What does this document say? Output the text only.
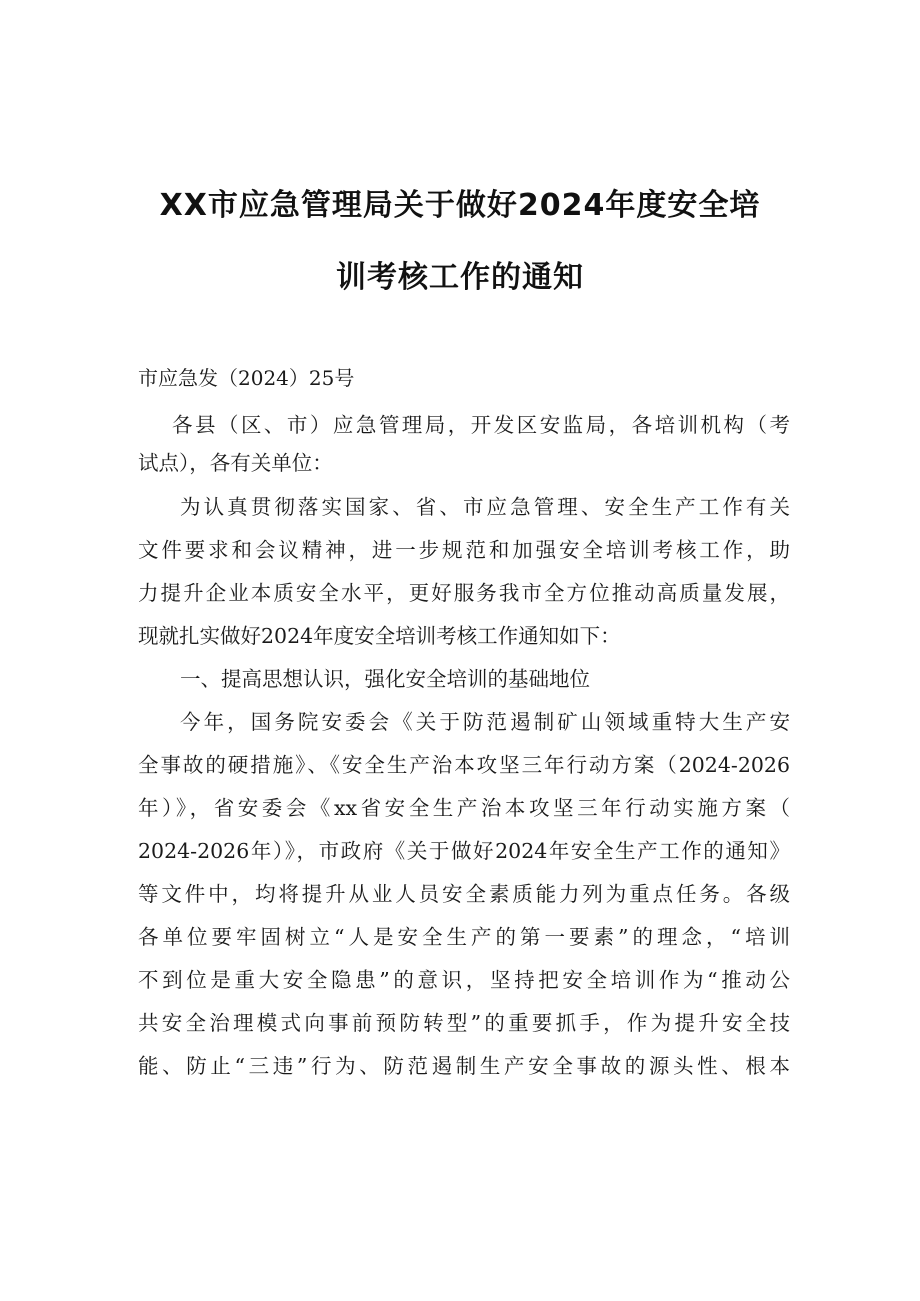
XX市应急管理局关于做好2024年度安全培
训考核工作的通知
市应急发（2024）25号
各县（区、市）应急管理局，开发区安监局，各培训机构（考
试点），各有关单位：
为认真贯彻落实国家、省、市应急管理、安全生产工作有关
文件要求和会议精神，进一步规范和加强安全培训考核工作，助
力提升企业本质安全水平，更好服务我市全方位推动高质量发展，
现就扎实做好2024年度安全培训考核工作通知如下：
一、提高思想认识，强化安全培训的基础地位
今年，国务院安委会《关于防范遏制矿山领域重特大生产安
全事故的硬措施》、《安全生产治本攻坚三年行动方案（2024-2026
年）》，省安委会《xx省安全生产治本攻坚三年行动实施方案（
2024-2026年）》，市政府《关于做好2024年安全生产工作的通知》
等文件中，均将提升从业人员安全素质能力列为重点任务。各级
各单位要牢固树立“人是安全生产的第一要素”的理念，“培训
不到位是重大安全隐患”的意识，坚持把安全培训作为“推动公
共安全治理模式向事前预防转型”的重要抓手，作为提升安全技
能、防止“三违”行为、防范遏制生产安全事故的源头性、根本
